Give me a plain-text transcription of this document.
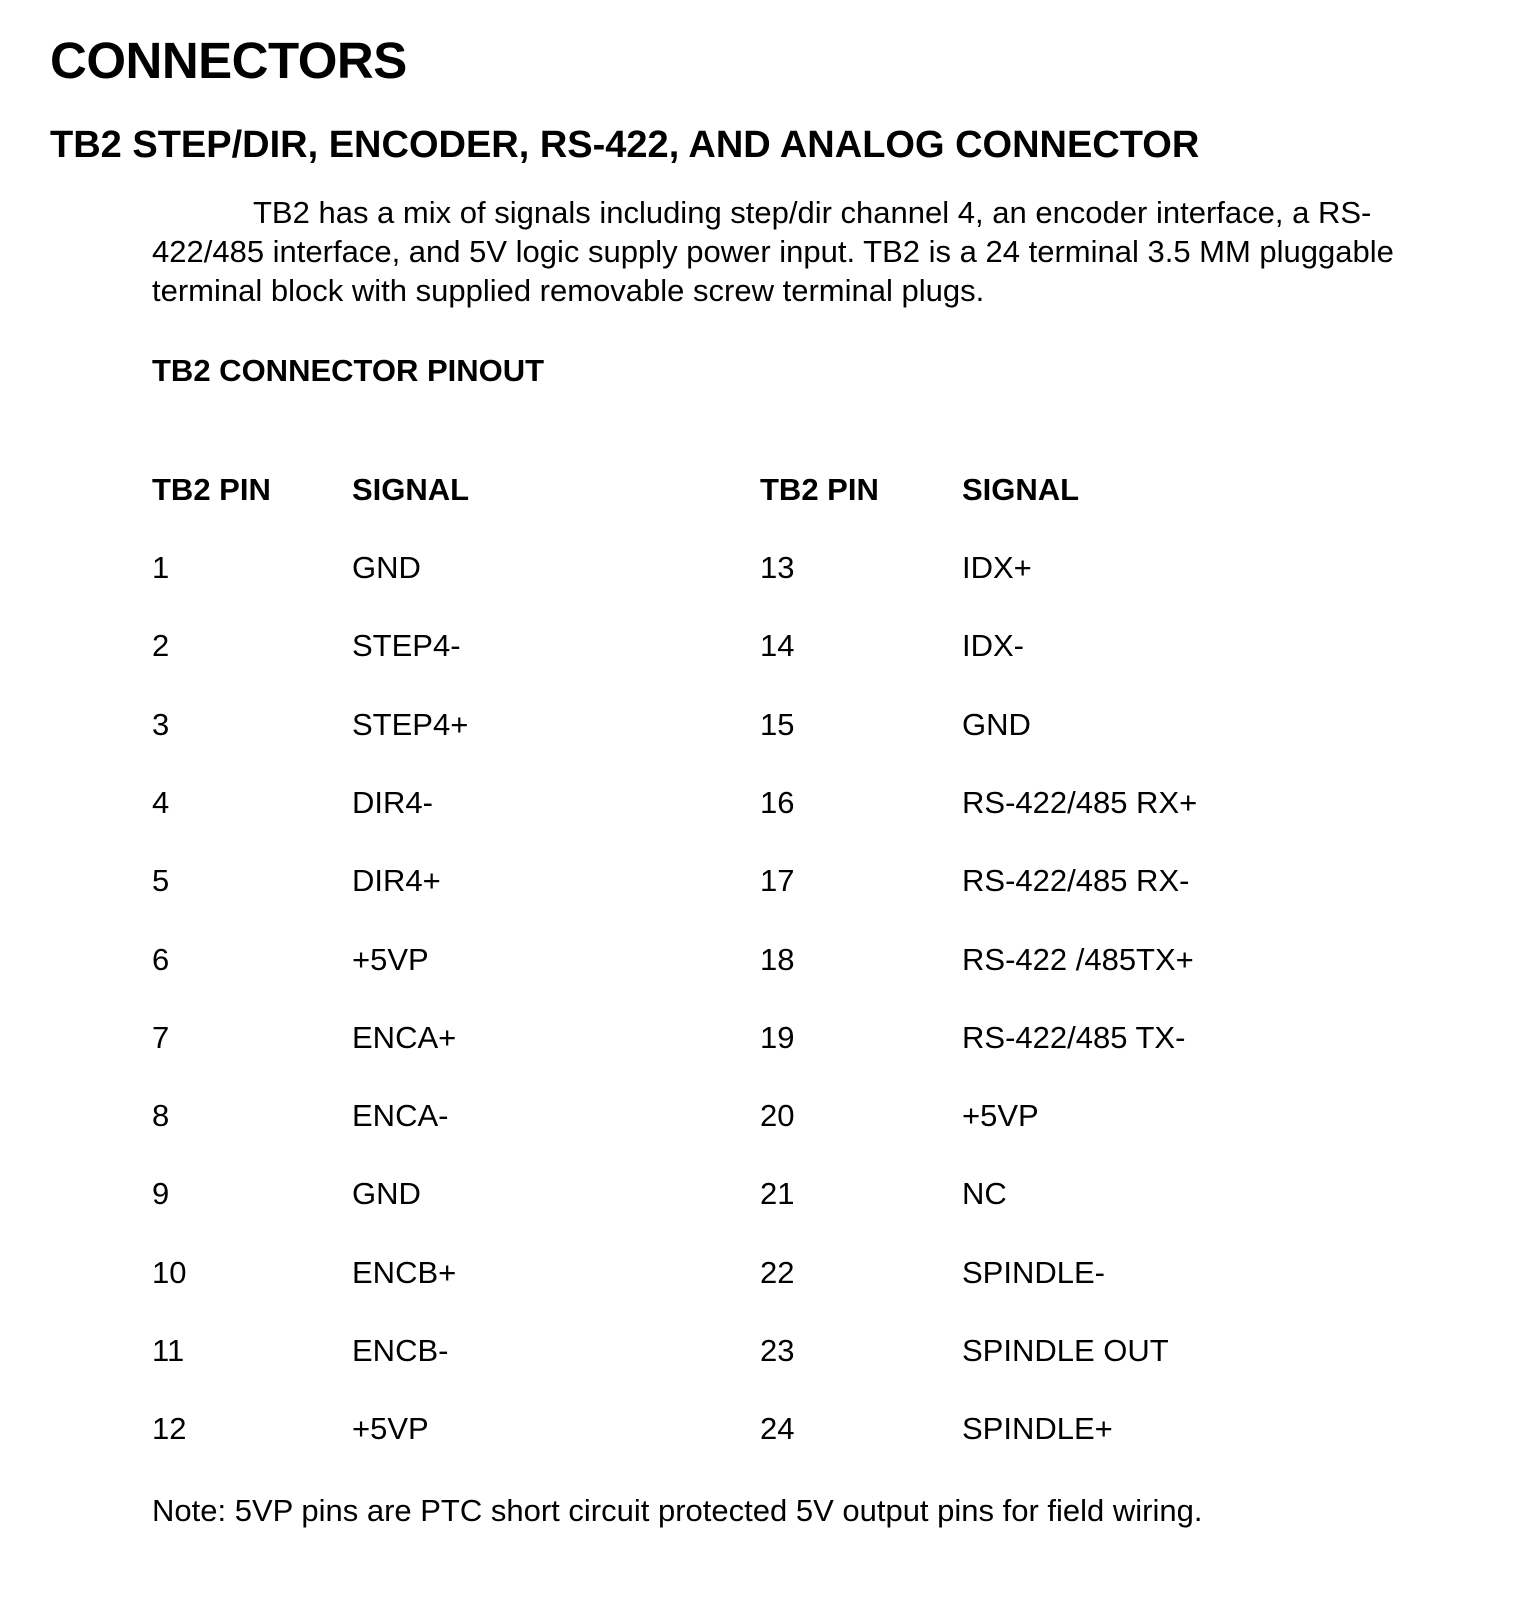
CONNECTORS
TB2 STEP/DIR, ENCODER, RS-422, AND ANALOG CONNECTOR

TB2 has a mix of signals including step/dir channel 4, an encoder interface, a RS-422/485 interface, and 5V logic supply power input. TB2 is a 24 terminal 3.5 MM pluggable terminal block with supplied removable screw terminal plugs.

TB2 CONNECTOR PINOUT
TB2 PIN	SIGNAL	TB2 PIN	SIGNAL
1	GND	13	IDX+
2	STEP4-	14	IDX-
3	STEP4+	15	GND
4	DIR4-	16	RS-422/485 RX+
5	DIR4+	17	RS-422/485 RX-
6	+5VP	18	RS-422 /485TX+
7	ENCA+	19	RS-422/485 TX-
8	ENCA-	20	+5VP
9	GND	21	NC
10	ENCB+	22	SPINDLE-
11	ENCB-	23	SPINDLE OUT
12	+5VP	24	SPINDLE+

Note: 5VP pins are PTC short circuit protected 5V output pins for field wiring.
